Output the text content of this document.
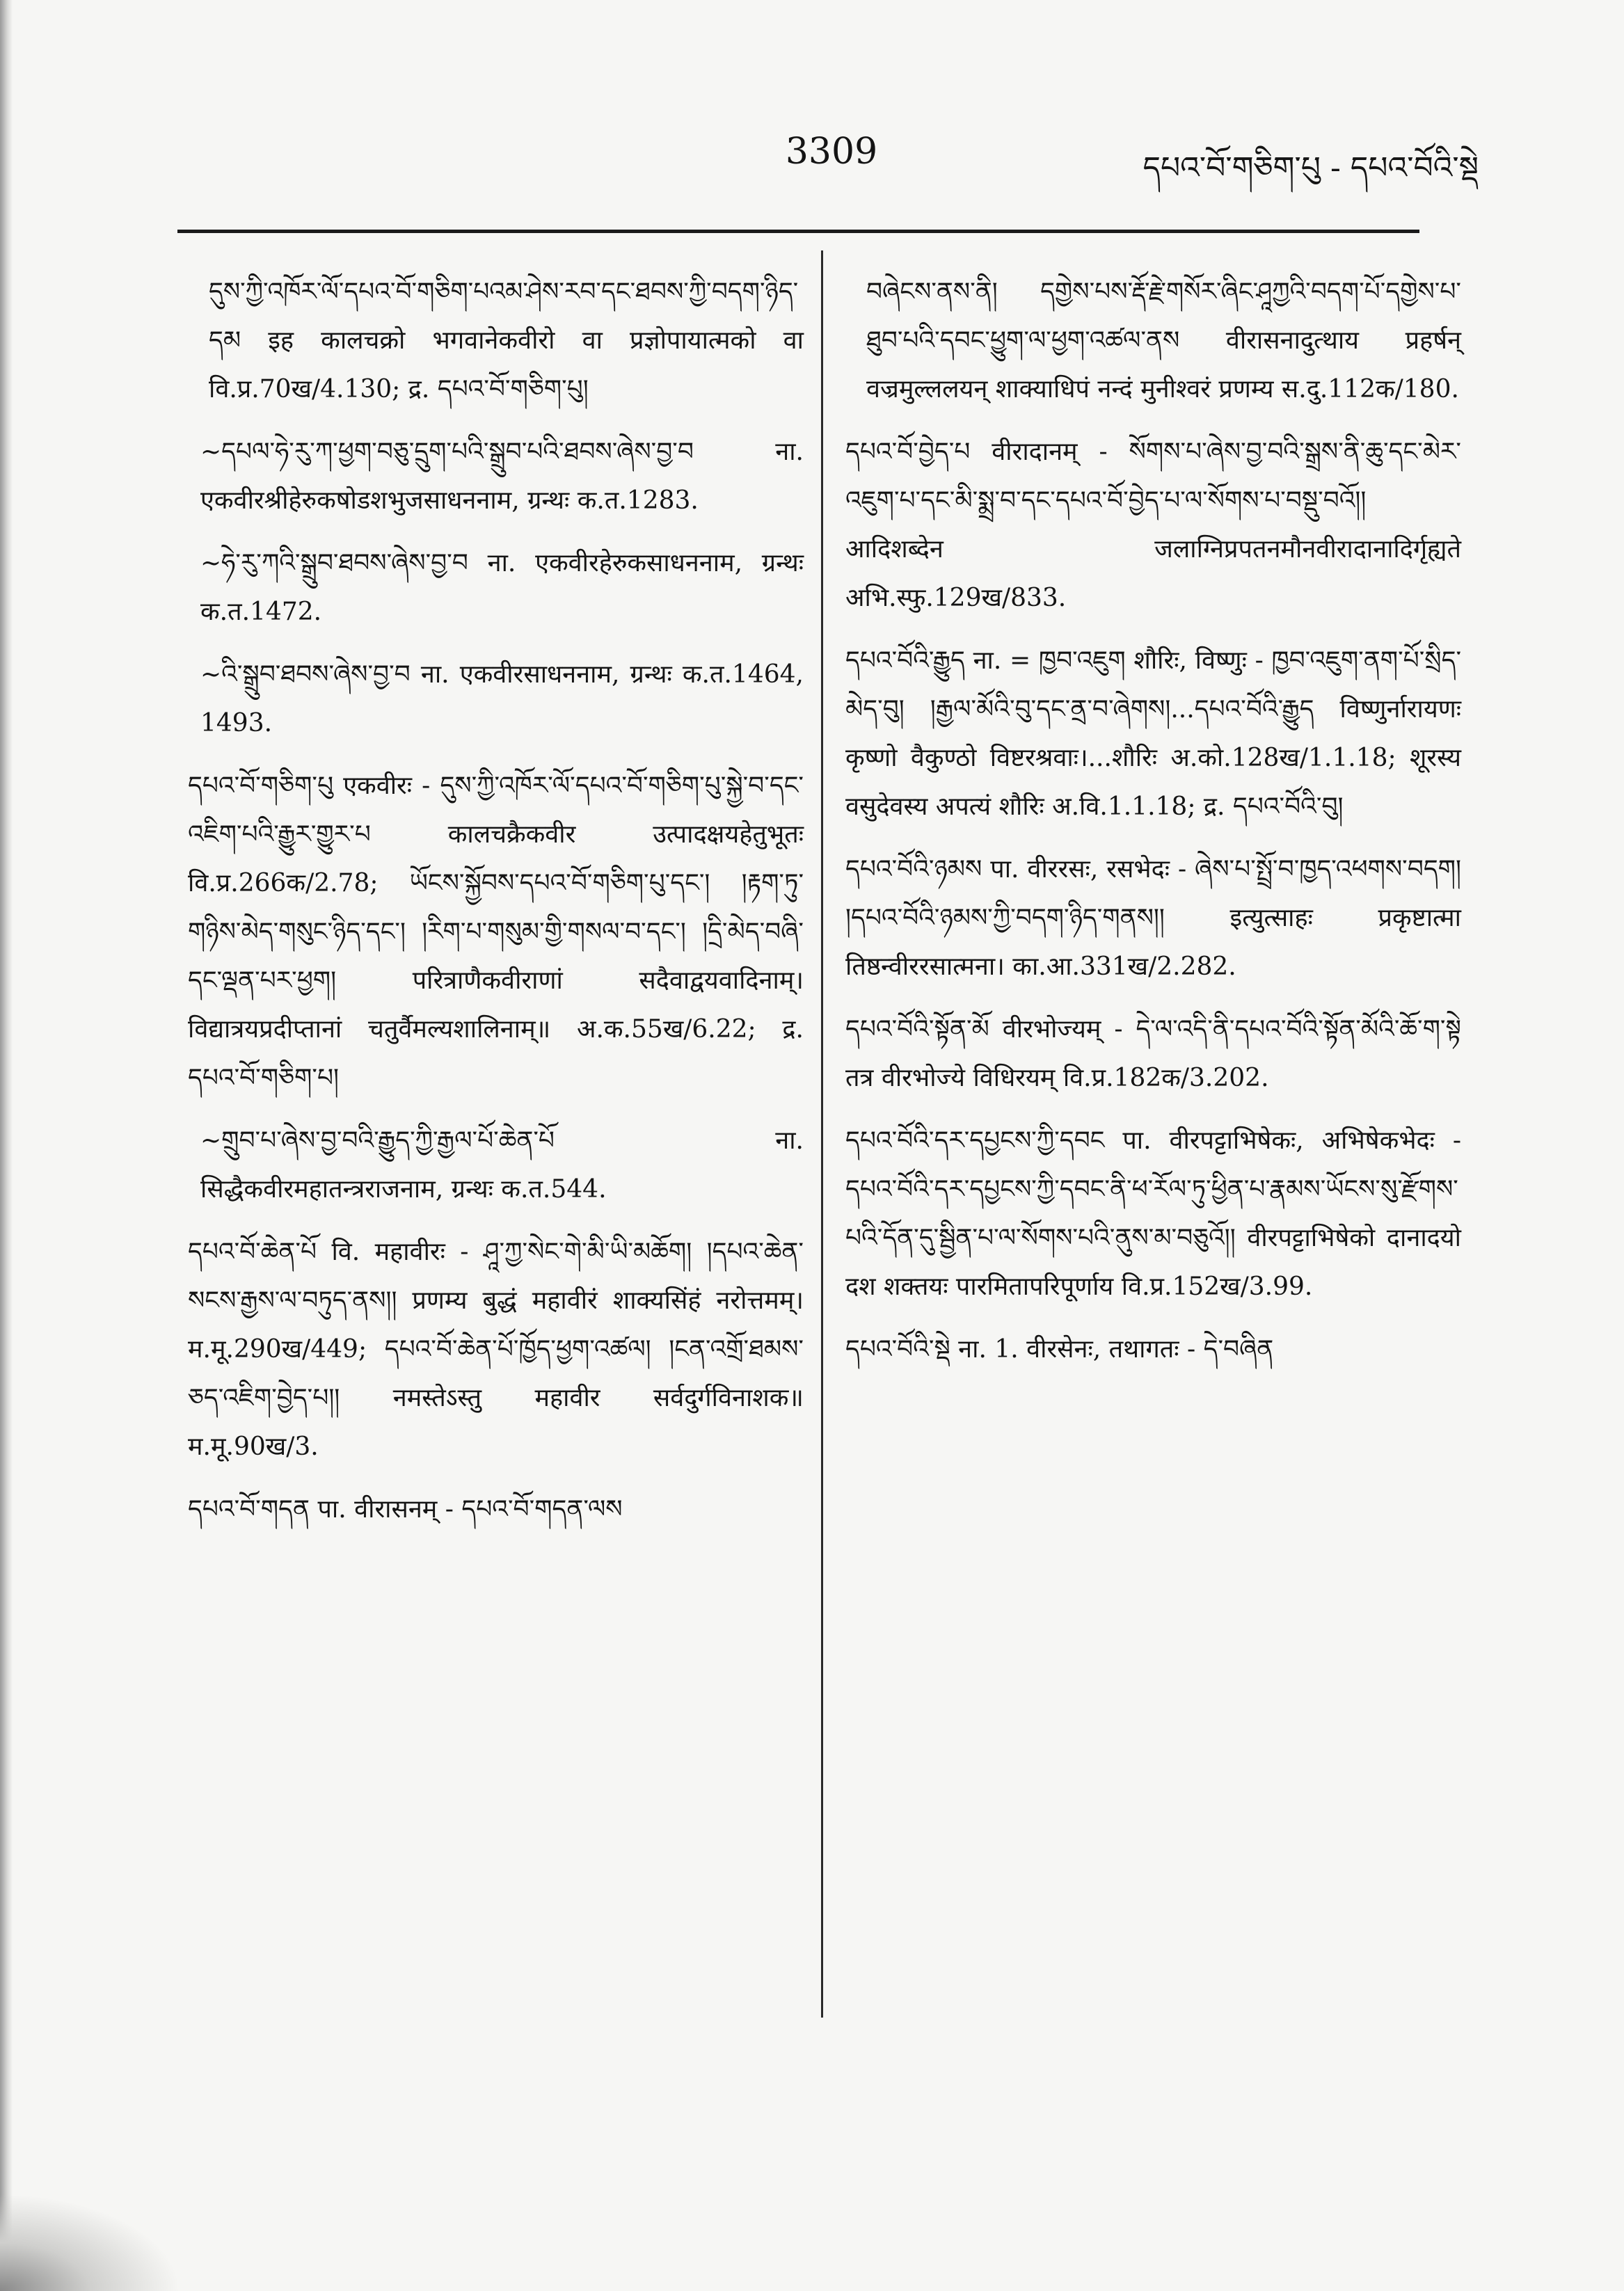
3309	དཔའ་བོ་གཅིག་པུ - དཔའ་བོའི་སྡེ

དུས་ཀྱི་འཁོར་ལོ་དཔའ་བོ་གཅིག་པའམ་ཤེས་རབ་དང་ཐབས་ཀྱི་བདག་ཉིད་དམ इह कालचक्रो भगवानेकवीरो वा प्रज्ञोपायात्मको वा वि.प्र.70ख/4.130; द्र. དཔའ་བོ་གཅིག་པུ།

~དཔལ་ཧེ་རུ་ཀ་ཕྱག་བཅུ་དྲུག་པའི་སྒྲུབ་པའི་ཐབས་ཞེས་བྱ་བ ना. एकवीरश्रीहेरुकषोडशभुजसाधननाम, ग्रन्थः क.त.1283.

~ཧེ་རུ་ཀའི་སྒྲུབ་ཐབས་ཞེས་བྱ་བ ना. एकवीरहेरुकसाधननाम, ग्रन्थः क.त.1472.

~འི་སྒྲུབ་ཐབས་ཞེས་བྱ་བ ना. एकवीरसाधननाम, ग्रन्थः क.त.1464, 1493.

དཔའ་བོ་གཅིག་པུ एकवीरः - དུས་ཀྱི་འཁོར་ལོ་དཔའ་བོ་གཅིག་པུ་སྐྱེ་བ་དང་འཇིག་པའི་རྒྱུར་གྱུར་པ कालचक्रैकवीर उत्पादक्षयहेतुभूतः वि.प्र.266क/2.78; ཡོངས་སྐྱོབས་དཔའ་བོ་གཅིག་པུ་དང་། །རྟག་ཏུ་གཉིས་མེད་གསུང་ཉིད་དང་། །རིག་པ་གསུམ་གྱི་གསལ་བ་དང་། །དྲི་མེད་བཞི་དང་ལྡན་པར་ཕྱག། परित्राणैकवीराणां सदैवाद्वयवादिनाम्। विद्यात्रयप्रदीप्तानां चतुर्वैमल्यशालिनाम्॥ अ.क.55ख/6.22; द्र. དཔའ་བོ་གཅིག་པ།

~གྲུབ་པ་ཞེས་བྱ་བའི་རྒྱུད་ཀྱི་རྒྱལ་པོ་ཆེན་པོ ना. सिद्धैकवीरमहातन्त्रराजनाम, ग्रन्थः क.त.544.

དཔའ་བོ་ཆེན་པོ वि. महावीरः - ཤཱ་ཀྱ་སེང་གེ་མི་ཡི་མཆོག། །དཔའ་ཆེན་སངས་རྒྱས་ལ་བཏུད་ནས།། प्रणम्य बुद्धं महावीरं शाक्यसिंहं नरोत्तमम्। म.मू.290ख/449; དཔའ་བོ་ཆེན་པོ་ཁྱོད་ཕྱག་འཚལ། །ངན་འགྲོ་ཐམས་ཅད་འཇིག་བྱེད་པ།། नमस्तेऽस्तु महावीर सर्वदुर्गविनाशक॥ म.मू.90ख/3.

དཔའ་བོ་གདན पा. वीरासनम् - དཔའ་བོ་གདན་ལས

བཞེངས་ནས་ནི། དགྱེས་པས་རྡོ་རྗེ་གསོར་ཞིང་ཤཱཀྱའི་བདག་པོ་དགྱེས་པ་ཐུབ་པའི་དབང་ཕྱུག་ལ་ཕྱག་འཚལ་ནས वीरासनादुत्थाय प्रहर्षन् वज्रमुल्ललयन् शाक्याधिपं नन्दं मुनीश्वरं प्रणम्य स.दु.112क/180.

དཔའ་བོ་བྱེད་པ वीरादानम् - སོགས་པ་ཞེས་བྱ་བའི་སྒྲས་ནི་ཆུ་དང་མེར་འཇུག་པ་དང་མི་སྨྲ་བ་དང་དཔའ་བོ་བྱེད་པ་ལ་སོགས་པ་བསྡུ་བའོ།། आदिशब्देन जलाग्निप्रपतनमौनवीरादानादिर्गृह्यते अभि.स्फु.129ख/833.

དཔའ་བོའི་རྒྱུད ना. = ཁྱབ་འཇུག शौरिः, विष्णुः - ཁྱབ་འཇུག་ནག་པོ་སྲིད་མེད་བུ། །རྒྱལ་མོའི་བུ་དང་ནྲ་བ་ཞེགས།...དཔའ་བོའི་རྒྱུད विष्णुर्नारायणः कृष्णो वैकुण्ठो विष्टरश्रवाः।...शौरिः अ.को.128ख/1.1.18; शूरस्य वसुदेवस्य अपत्यं शौरिः अ.वि.1.1.18; द्र. དཔའ་བོའི་བུ།

དཔའ་བོའི་ཉམས पा. वीररसः, रसभेदः - ཞེས་པ་སྤྲོ་བ་ཁྱད་འཕགས་བདག། །དཔའ་བོའི་ཉམས་ཀྱི་བདག་ཉིད་གནས།། इत्युत्साहः प्रकृष्टात्मा तिष्ठन्वीररसात्मना। का.आ.331ख/2.282.

དཔའ་བོའི་སྟོན་མོ वीरभोज्यम् - དེ་ལ་འདི་ནི་དཔའ་བོའི་སྟོན་མོའི་ཆོ་ག་སྟེ तत्र वीरभोज्ये विधिरयम् वि.प्र.182क/3.202.

དཔའ་བོའི་དར་དཔྱངས་ཀྱི་དབང पा. वीरपट्टाभिषेकः, अभिषेकभेदः - དཔའ་བོའི་དར་དཔྱངས་ཀྱི་དབང་ནི་ཕ་རོལ་ཏུ་ཕྱིན་པ་རྣམས་ཡོངས་སུ་རྫོགས་པའི་དོན་དུ་སྦྱིན་པ་ལ་སོགས་པའི་ནུས་མ་བཅུའོ།། वीरपट्टाभिषेको दानादयो दश शक्तयः पारमितापरिपूर्णाय वि.प्र.152ख/3.99.

དཔའ་བོའི་སྡེ ना. 1. वीरसेनः, तथागतः - དེ་བཞིན
